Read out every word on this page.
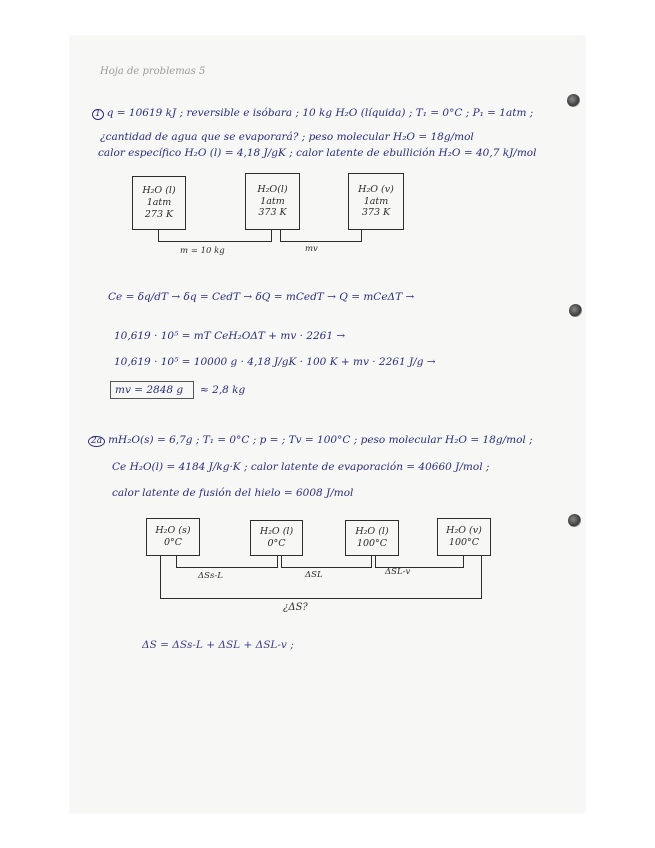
Hoja de problemas 5
1 q = 10619 kJ ; reversible e isóbara ; 10 kg H₂O (líquida) ; T₁ = 0°C ; P₁ = 1atm ;
¿cantidad de agua que se evaporará? ; peso molecular H₂O = 18g/mol
calor específico H₂O (l) = 4,18 J/gK ; calor latente de ebullición H₂O = 40,7 kJ/mol
H₂O (l)
1atm
273 K
H₂O(l)
1atm
373 K
H₂O (v)
1atm
373 K
m = 10 kg	mv
Ce = δq/dT → δq = CedT → δQ = mCedT → Q = mCeΔT →
10,619 · 10⁵ = mT CeH₂OΔT + mv · 2261 →
10,619 · 10⁵ = 10000 g · 4,18 J/gK · 100 K + mv · 2261 J/g →
mv = 2848 g ≈ 2,8 kg
2a mH₂O(s) = 6,7g ; T₁ = 0°C ; p = ; Tv = 100°C ; peso molecular H₂O = 18g/mol ;
Ce H₂O(l) = 4184 J/kg·K ; calor latente de evaporación = 40660 J/mol ;
calor latente de fusión del hielo = 6008 J/mol
H₂O (s)
0°C
H₂O (l)
0°C
H₂O (l)
100°C
H₂O (v)
100°C
ΔSs-L	ΔSL	ΔSL-v
¿ΔS?
ΔS = ΔSs-L + ΔSL + ΔSL-v ;
